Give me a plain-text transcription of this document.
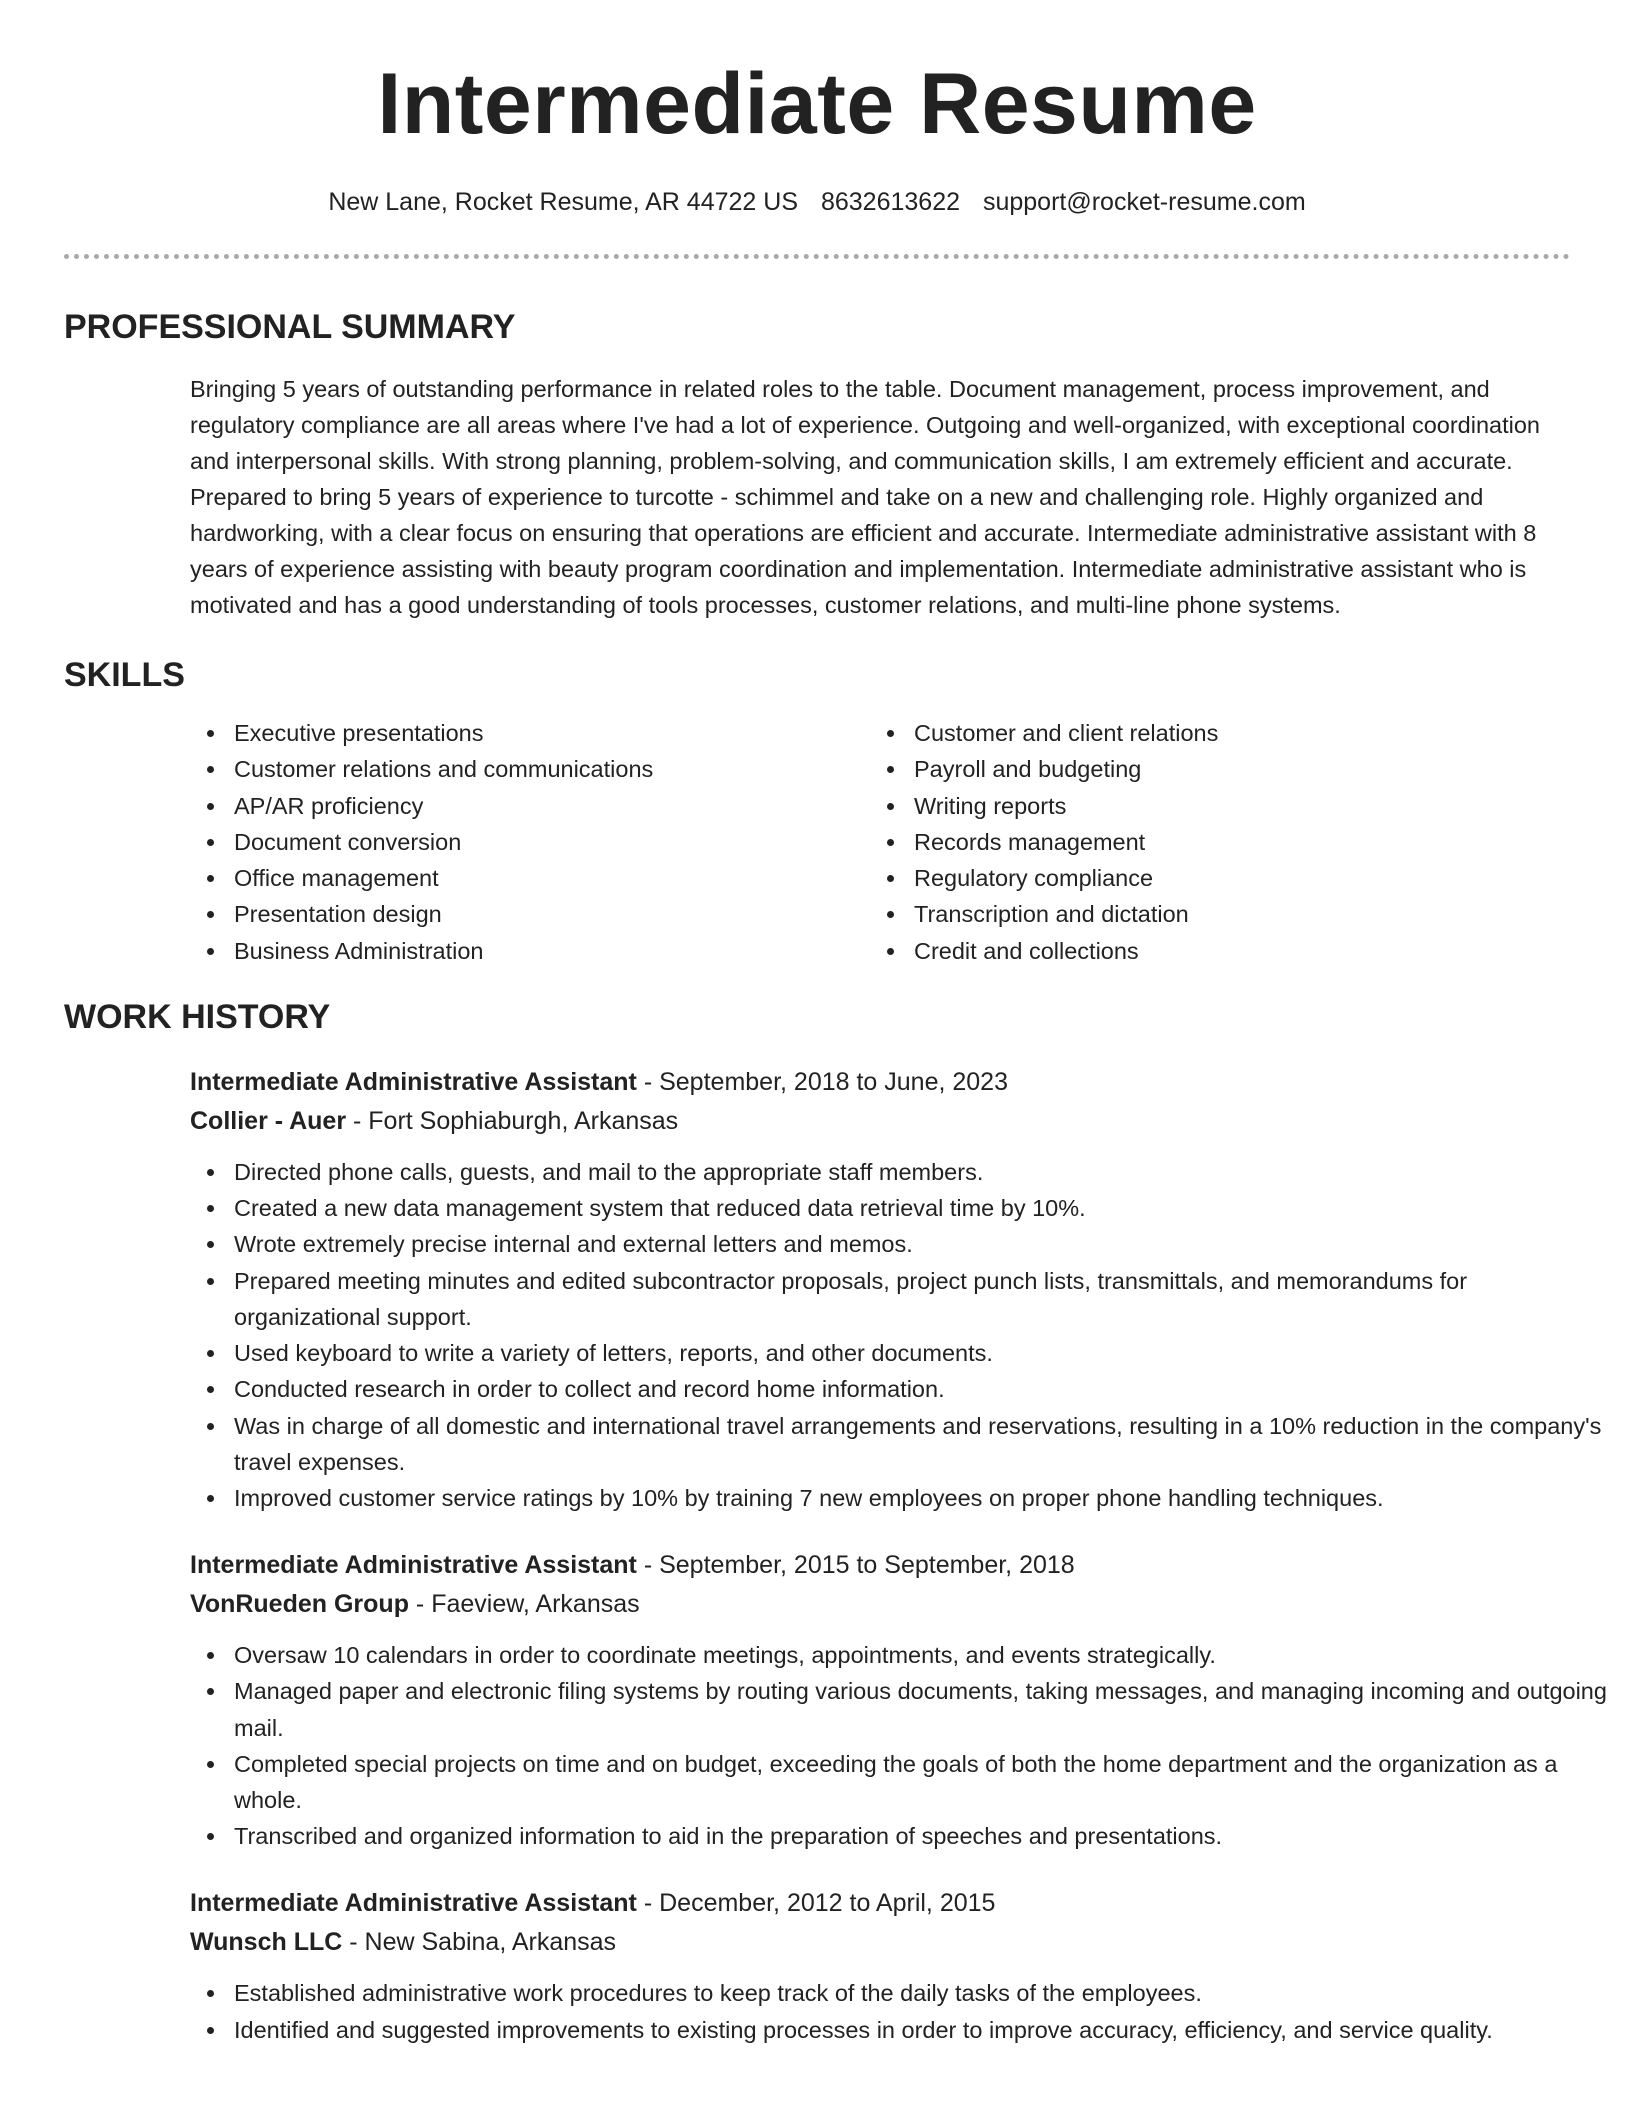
Intermediate Resume
New Lane, Rocket Resume, AR 44722 US 8632613622 support@rocket-resume.com
PROFESSIONAL SUMMARY

Bringing 5 years of outstanding performance in related roles to the table. Document management, process improvement, and regulatory compliance are all areas where I've had a lot of experience. Outgoing and well-organized, with exceptional coordination and interpersonal skills. With strong planning, problem-solving, and communication skills, I am extremely efficient and accurate. Prepared to bring 5 years of experience to turcotte - schimmel and take on a new and challenging role. Highly organized and hardworking, with a clear focus on ensuring that operations are efficient and accurate. Intermediate administrative assistant with 8 years of experience assisting with beauty program coordination and implementation. Intermediate administrative assistant who is motivated and has a good understanding of tools processes, customer relations, and multi-line phone systems.

SKILLS
Executive presentations
Customer relations and communications
AP/AR proficiency
Document conversion
Office management
Presentation design
Business Administration
Customer and client relations
Payroll and budgeting
Writing reports
Records management
Regulatory compliance
Transcription and dictation
Credit and collections
WORK HISTORY
Intermediate Administrative Assistant - September, 2018 to June, 2023
Collier - Auer - Fort Sophiaburgh, Arkansas
Directed phone calls, guests, and mail to the appropriate staff members.
Created a new data management system that reduced data retrieval time by 10%.
Wrote extremely precise internal and external letters and memos.
Prepared meeting minutes and edited subcontractor proposals, project punch lists, transmittals, and memorandums for organizational support.
Used keyboard to write a variety of letters, reports, and other documents.
Conducted research in order to collect and record home information.
Was in charge of all domestic and international travel arrangements and reservations, resulting in a 10% reduction in the company's travel expenses.
Improved customer service ratings by 10% by training 7 new employees on proper phone handling techniques.
Intermediate Administrative Assistant - September, 2015 to September, 2018
VonRueden Group - Faeview, Arkansas
Oversaw 10 calendars in order to coordinate meetings, appointments, and events strategically.
Managed paper and electronic filing systems by routing various documents, taking messages, and managing incoming and outgoing mail.
Completed special projects on time and on budget, exceeding the goals of both the home department and the organization as a whole.
Transcribed and organized information to aid in the preparation of speeches and presentations.
Intermediate Administrative Assistant - December, 2012 to April, 2015
Wunsch LLC - New Sabina, Arkansas
Established administrative work procedures to keep track of the daily tasks of the employees.
Identified and suggested improvements to existing processes in order to improve accuracy, efficiency, and service quality.
